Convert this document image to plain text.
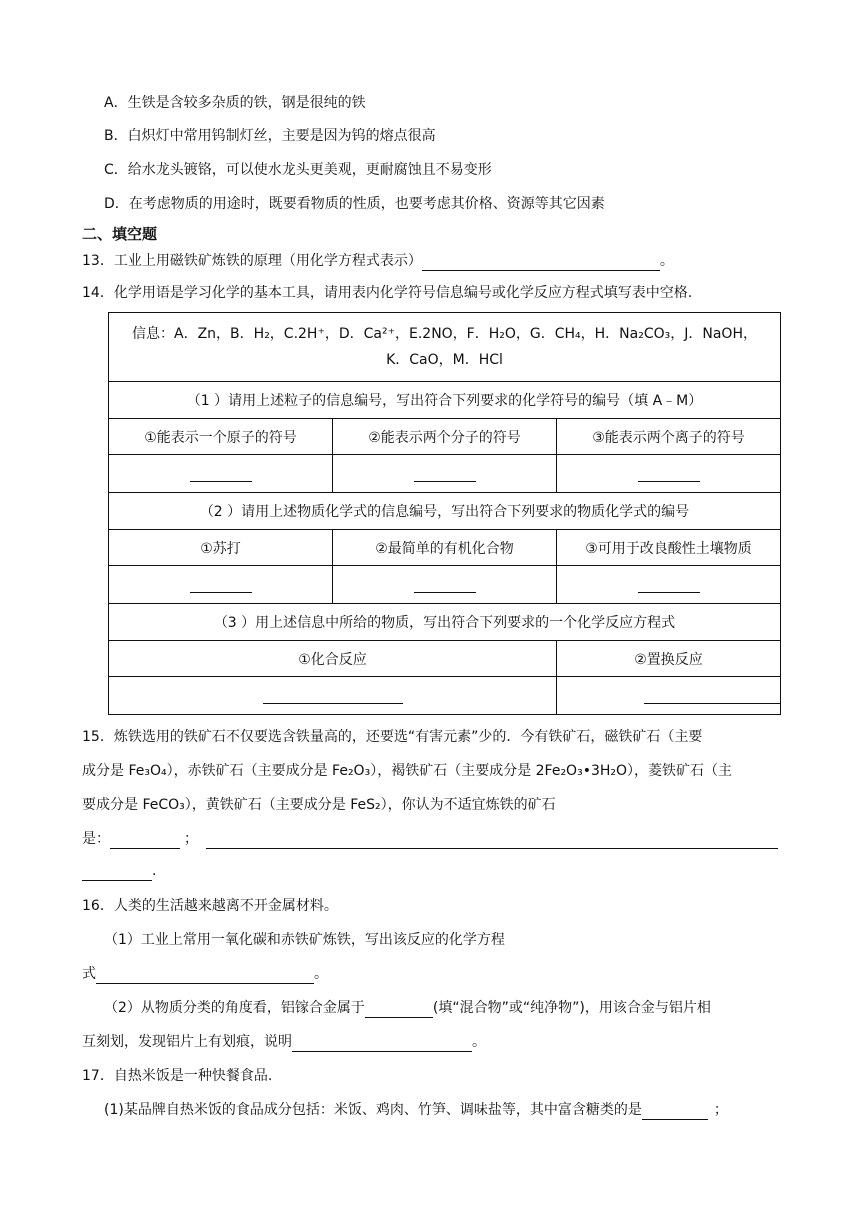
A．生铁是含较多杂质的铁，钢是很纯的铁
B．白炽灯中常用钨制灯丝，主要是因为钨的熔点很高
C．给水龙头镀铬，可以使水龙头更美观，更耐腐蚀且不易变形
D．在考虑物质的用途时，既要看物质的性质，也要考虑其价格、资源等其它因素
二、填空题
13．工业上用磁铁矿炼铁的原理（用化学方程式表示）	。
14．化学用语是学习化学的基本工具，请用表内化学符号信息编号或化学反应方程式填写表中空格.
信息：A．Zn，B．H₂，C.2H⁺，D．Ca²⁺，E.2NO，F．H₂O，G．CH₄，H．Na₂CO₃，J．NaOH，
K．CaO，M．HCl		

（1 ）请用上述粒子的信息编号，写出符合下列要求的化学符号的编号（填 A﹣M）		
①能表示一个原子的符号	②能表示两个分子的符号	③能表示两个离子的符号

（2 ）请用上述物质化学式的信息编号，写出符合下列要求的物质化学式的编号		
①苏打	②最简单的有机化合物	③可用于改良酸性土壤物质

（3 ）用上述信息中所给的物质，写出符合下列要求的一个化学反应方程式		
①化合反应		②置换反应

15．炼铁选用的铁矿石不仅要选含铁量高的，还要选“有害元素”少的．今有铁矿石，磁铁矿石（主要
成分是 Fe₃O₄），赤铁矿石（主要成分是 Fe₂O₃），褐铁矿石（主要成分是 2Fe₂O₃•3H₂O），菱铁矿石（主
要成分是 FeCO₃），黄铁矿石（主要成分是 FeS₂），你认为不适宜炼铁的矿石
是：	；
.
16．人类的生活越来越离不开金属材料。
（1）工业上常用一氧化碳和赤铁矿炼铁，写出该反应的化学方程
式	。
（2）从物质分类的角度看，铝镓合金属于	(填“混合物”或“纯净物”)，用该合金与铝片相
互刻划，发现铝片上有划痕，说明	。
17．自热米饭是一种快餐食品.
(1)某品牌自热米饭的食品成分包括：米饭、鸡肉、竹笋、调味盐等，其中富含糖类的是	；
